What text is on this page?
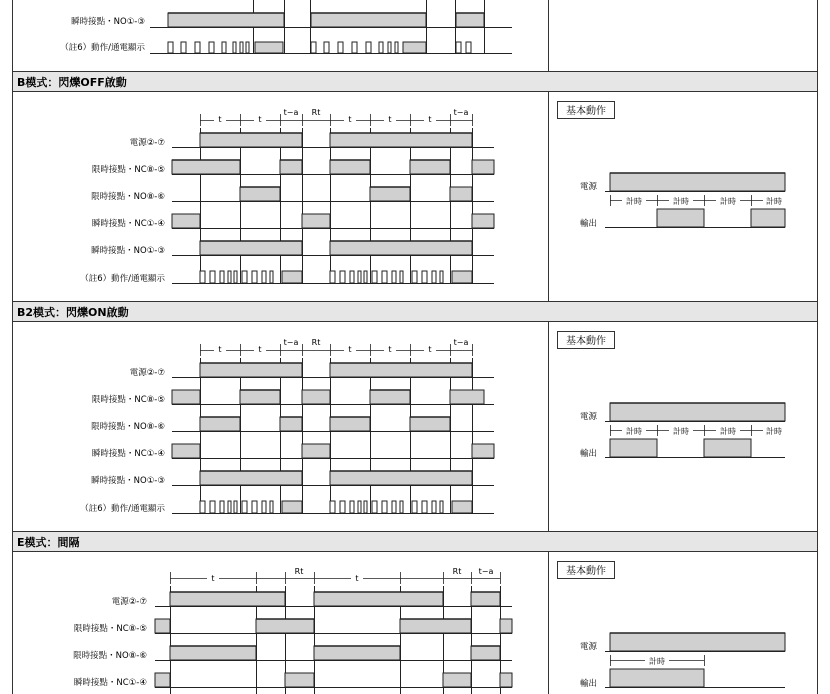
B模式：閃爍OFF啟動
B2模式：閃爍ON啟動
E模式：間隔
瞬時接點・NO①-③
（註6）動作/通電顯示
t	t
t−a Rt
t	t	t
t−a
電源②-⑦
限時接點・NC⑧-⑤
限時接點・NO⑧-⑥
瞬時接點・NC①-④
瞬時接點・NO①-③
（註6）動作/通電顯示
基本動作
電源
輸出
計時	計時	計時	計時
t	t
t−a Rt
t	t	t
t−a
電源②-⑦
限時接點・NC⑧-⑤
限時接點・NO⑧-⑥
瞬時接點・NC①-④
瞬時接點・NO①-③
（註6）動作/通電顯示
基本動作
電源
輸出
計時	計時	計時	計時
t
Rt
t
Rt t−a
電源②-⑦
限時接點・NC⑧-⑤
限時接點・NO⑧-⑥
瞬時接點・NC①-④
基本動作
電源
輸出
計時
